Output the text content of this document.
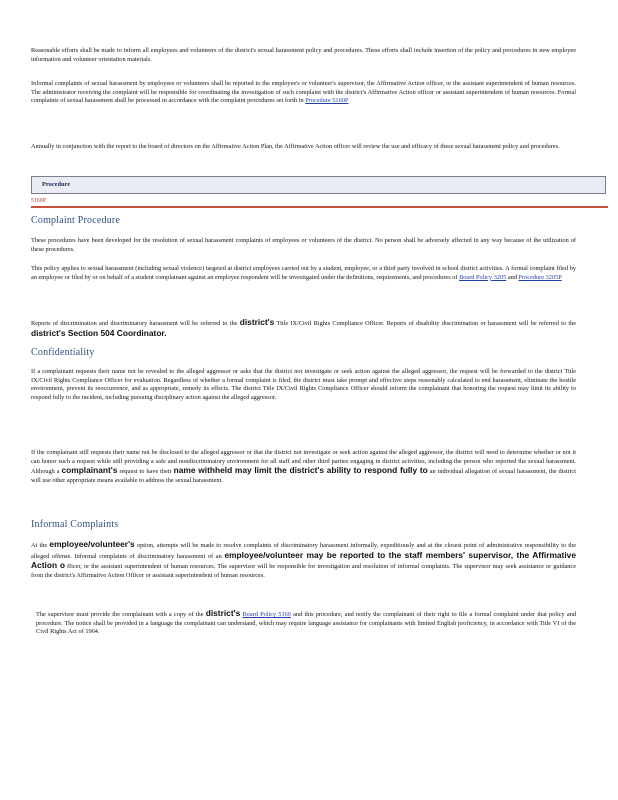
Reasonable efforts shall be made to inform all employees and volunteers of the district's sexual harassment policy and procedures. These efforts shall include insertion of the policy and procedures in new employee information and volunteer orientation materials.

Informal complaints of sexual harassment by employees or volunteers shall be reported to the employee's or volunteer's supervisor, the Affirmative Action officer, or the assistant superintendent of human resources. The administrator receiving the complaint will be responsible for coordinating the investigation of such complaint with the district's Affirmative Action officer or assistant superintendent of human resources. Formal complaints of sexual harassment shall be processed in accordance with the complaint procedures set forth in Procedure 5160P

Annually in conjunction with the report to the board of directors on the Affirmative Action Plan, the Affirmative Action officer will review the use and efficacy of these sexual harassment policy and procedures.

Procedure
5160P
Complaint Procedure

These procedures have been developed for the resolution of sexual harassment complaints of employees or volunteers of the district. No person shall be adversely affected in any way because of the utilization of these procedures.

This policy applies to sexual harassment (including sexual violence) targeted at district employees carried out by a student, employee, or a third party involved in school district activities. A formal complaint filed by an employee or filed by or on behalf of a student complainant against an employee respondent will be investigated under the definitions, requirements, and procedures of Board Policy 3205 and Procedure 3205P

Reports of discrimination and discriminatory harassment will be referred to the district's Title IX/Civil Rights Compliance Officer. Reports of disability discrimination or harassment will be referred to the district's Section 504 Coordinator.

Confidentiality

If a complainant requests their name not be revealed to the alleged aggressor or asks that the district not investigate or seek action against the alleged aggressor, the request will be forwarded to the district Title IX/Civil Rights Compliance Officer for evaluation. Regardless of whether a formal complaint is filed, the district must take prompt and effective steps reasonably calculated to end harassment, eliminate the hostile environment, prevent its reoccurrence, and as appropriate, remedy its effects. The district Title IX/Civil Rights Compliance Officer should inform the complainant that honoring the request may limit its ability to respond fully to the incident, including pursuing disciplinary action against the alleged aggressor.

If the complainant still requests their name not be disclosed to the alleged aggressor or that the district not investigate or seek action against the alleged aggressor, the district will need to determine whether or not it can honor such a request while still providing a safe and nondiscriminatory environment for all staff and other third parties engaging in district activities, including the person who reported the sexual harassment. Although a complainant's request to have their name withheld may limit the district's ability to respond fully to an individual allegation of sexual harassment, the district will use other appropriate means available to address the sexual harassment.

Informal Complaints

At the employee/volunteer's option, attempts will be made to resolve complaints of discriminatory harassment informally, expeditiously and at the closest point of administrative responsibility to the alleged offense. Informal complaints of discriminatory harassment of an employee/volunteer may be reported to the staff members' supervisor, the Affirmative Action o fficer, or the assistant superintendent of human resources. The supervisor will be responsible for investigation and resolution of informal complaints. The supervisor may seek assistance or guidance from the district's Affirmative Action Officer or assistant superintendent of human resources.

The supervisor must provide the complainant with a copy of the district's Board Policy 5160 and this procedure, and notify the complainant of their right to file a formal complaint under that policy and procedure. The notice shall be provided in a language the complainant can understand, which may require language assistance for complainants with limited English proficiency, in accordance with Title VI of the Civil Rights Act of 1964.
